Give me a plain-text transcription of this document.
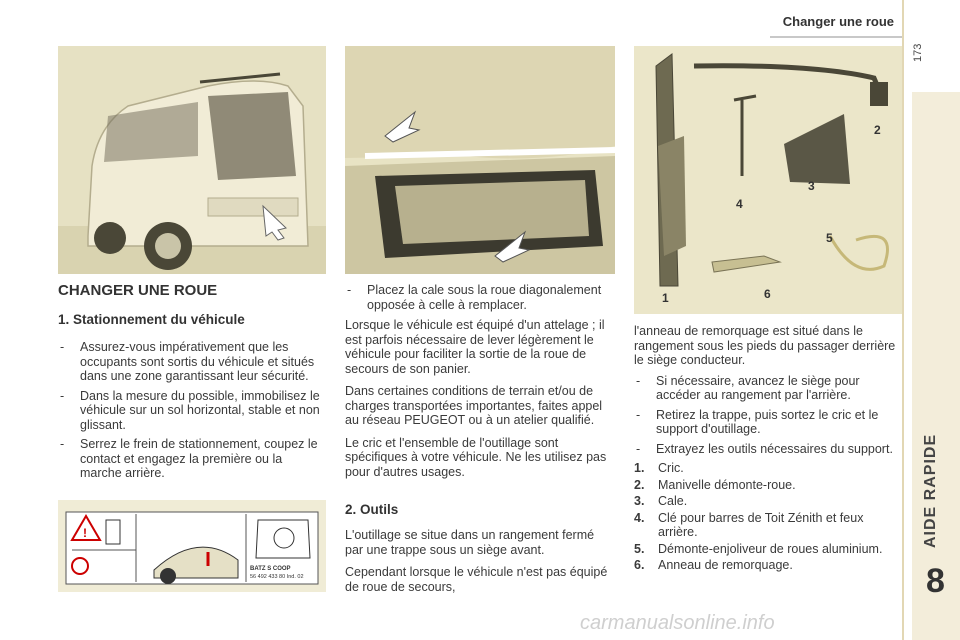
Changer une roue
173
AIDE RAPIDE
8
1
2
3
4
5
6
!
BATZ S COOP
56 492 433 80 Ind. 02
CHANGER UNE ROUE
1. Stationnement du véhicule
- Assurez-vous impérativement que les occupants sont sortis du véhicule et situés dans une zone garantissant leur sécurité.
- Dans la mesure du possible, immobilisez le véhicule sur un sol horizontal, stable et non glissant.
- Serrez le frein de stationnement, coupez le contact et engagez la première ou la marche arrière.
- Placez la cale sous la roue diagonalement opposée à celle à remplacer.

Lorsque le véhicule est équipé d'un attelage ; il est parfois nécessaire de lever légèrement le véhicule pour faciliter la sortie de la roue de secours de son panier.

Dans certaines conditions de terrain et/ou de charges transportées importantes, faites appel au réseau PEUGEOT ou à un atelier qualifié.

Le cric et l'ensemble de l'outillage sont spécifiques à votre véhicule. Ne les utilisez pas pour d'autres usages.

2. Outils

L'outillage se situe dans un rangement fermé par une trappe sous un siège avant.

Cependant lorsque le véhicule n'est pas équipé de roue de secours,

l'anneau de remorquage est situé dans le rangement sous les pieds du passager derrière le siège conducteur.

- Si nécessaire, avancez le siège pour accéder au rangement par l'arrière.
- Retirez la trappe, puis sortez le cric et le support d'outillage.
- Extrayez les outils nécessaires du support.
1. Cric.
2. Manivelle démonte-roue.
3. Cale.
4. Clé pour barres de Toit Zénith et feux arrière.
5. Démonte-enjoliveur de roues aluminium.
6. Anneau de remorquage.
carmanualsonline.info
